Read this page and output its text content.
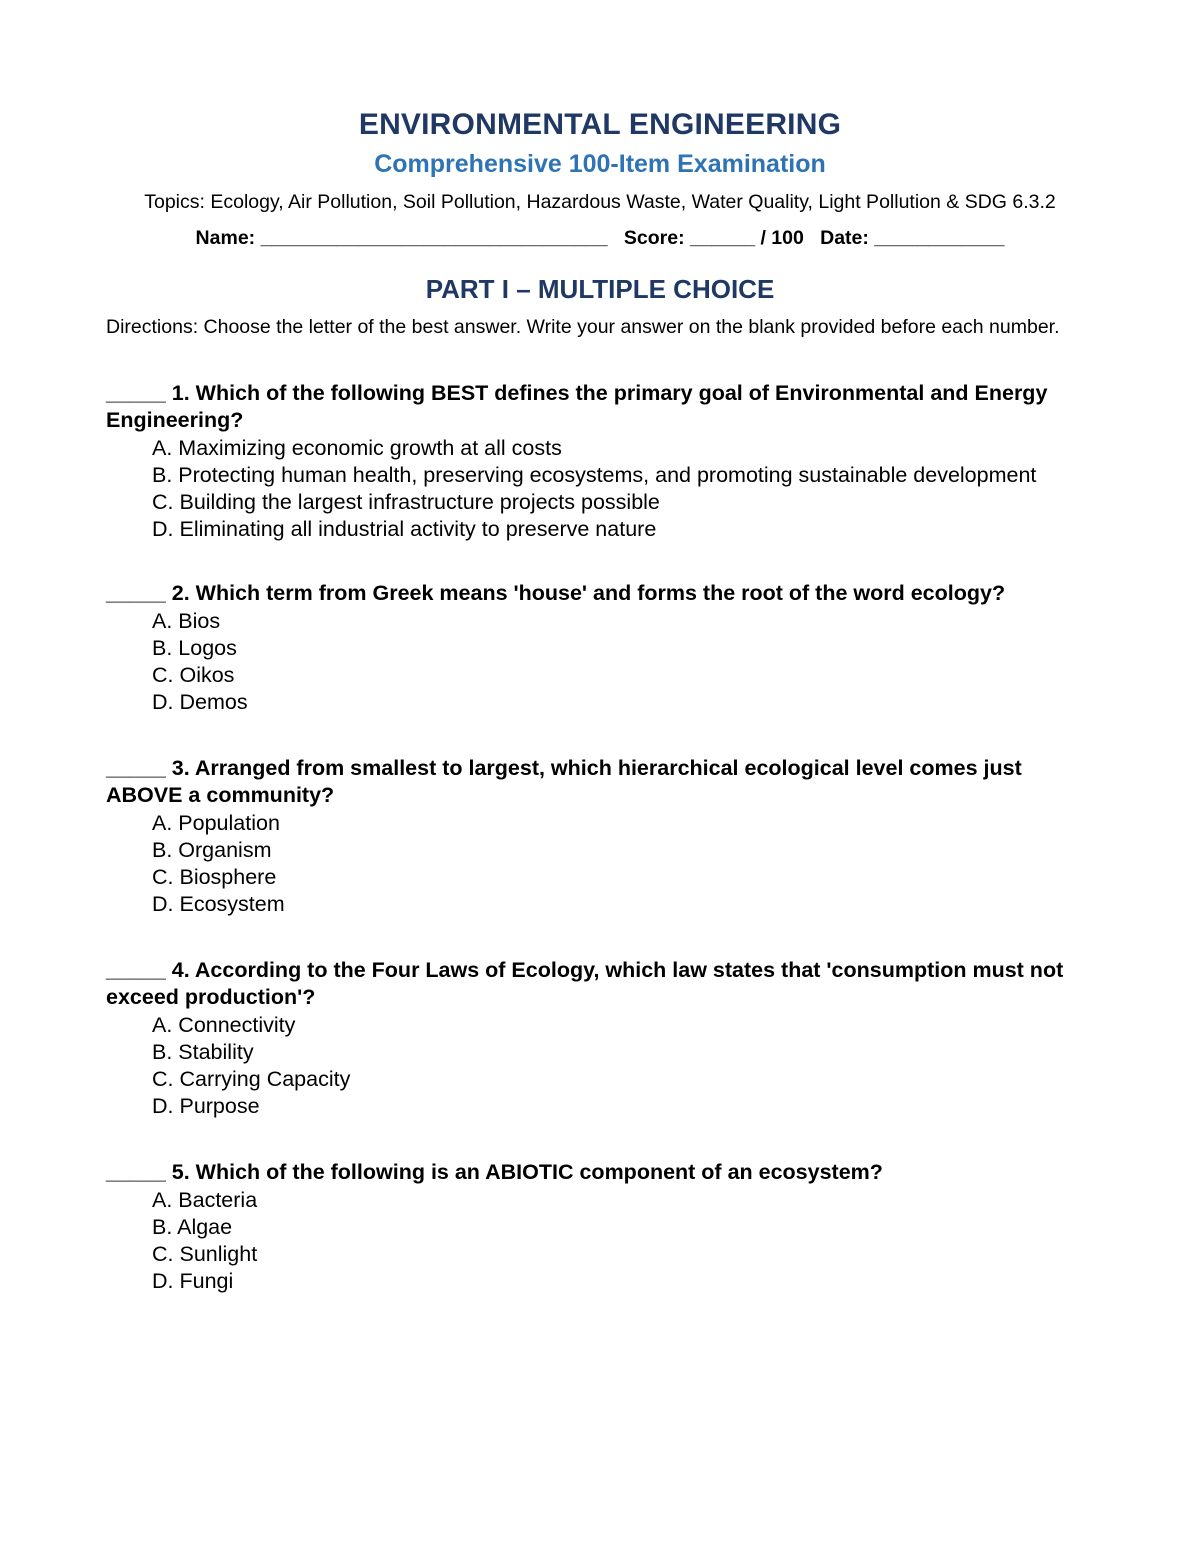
ENVIRONMENTAL ENGINEERING
Comprehensive 100-Item Examination

Topics: Ecology, Air Pollution, Soil Pollution, Hazardous Waste, Water Quality, Light Pollution & SDG 6.3.2

Name: ________________________________ Score: ______ / 100 Date: ____________

PART I – MULTIPLE CHOICE

Directions: Choose the letter of the best answer. Write your answer on the blank provided before each number.

_____ 1. Which of the following BEST defines the primary goal of Environmental and Energy Engineering?

A. Maximizing economic growth at all costs
B. Protecting human health, preserving ecosystems, and promoting sustainable development
C. Building the largest infrastructure projects possible
D. Eliminating all industrial activity to preserve nature

_____ 2. Which term from Greek means 'house' and forms the root of the word ecology?

A. Bios
B. Logos
C. Oikos
D. Demos

_____ 3. Arranged from smallest to largest, which hierarchical ecological level comes just ABOVE a community?

A. Population
B. Organism
C. Biosphere
D. Ecosystem

_____ 4. According to the Four Laws of Ecology, which law states that 'consumption must not exceed production'?

A. Connectivity
B. Stability
C. Carrying Capacity
D. Purpose

_____ 5. Which of the following is an ABIOTIC component of an ecosystem?

A. Bacteria
B. Algae
C. Sunlight
D. Fungi
